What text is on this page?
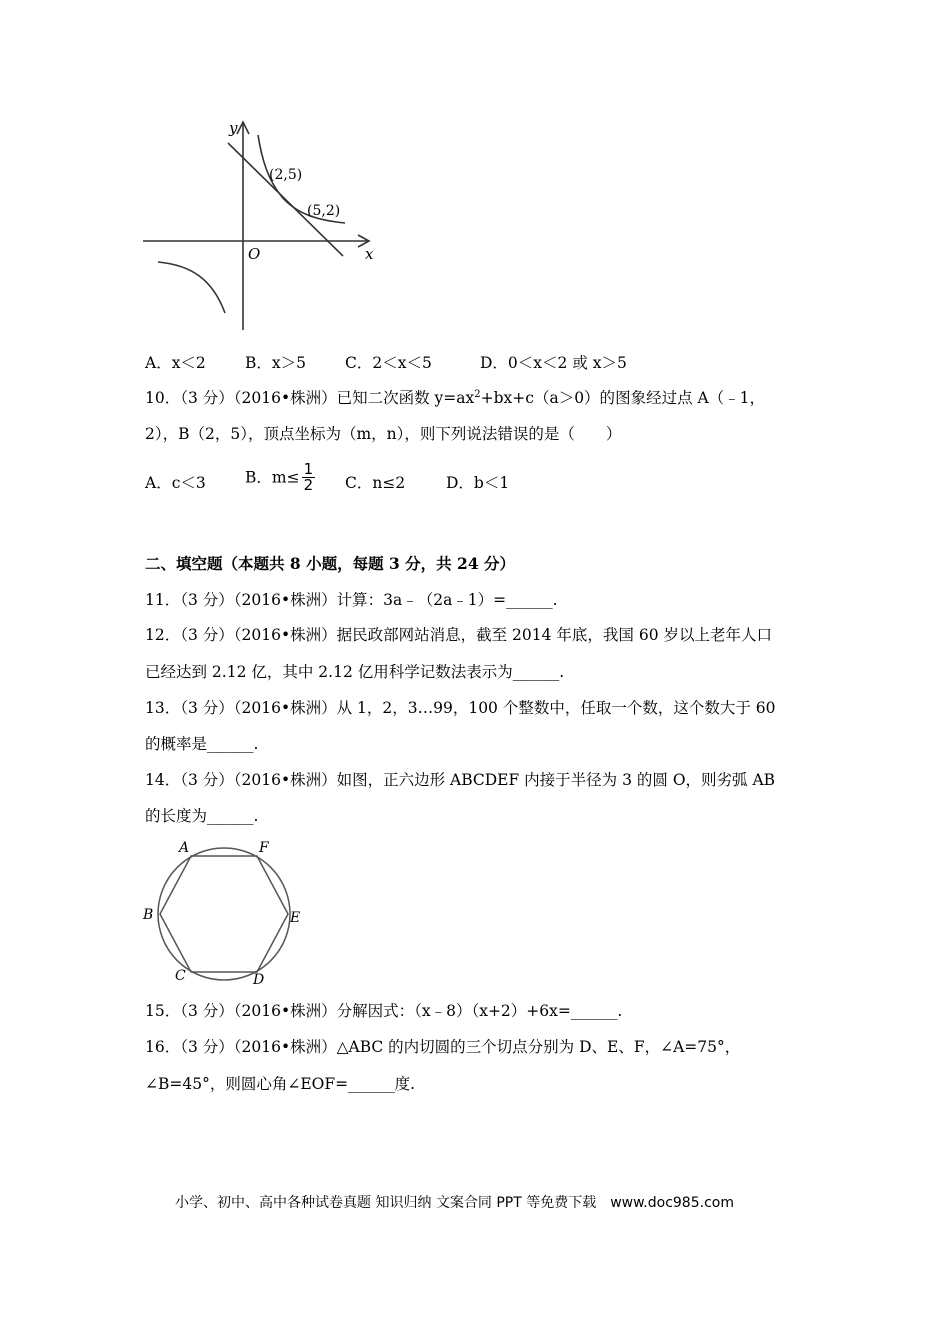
y
x
O
(2,5)
(5,2)
A．x＜2	B．x＞5	C．2＜x＜5	D．0＜x＜2 或 x＞5
10．（3 分）（2016•株洲）已知二次函数 $y=ax^2+bx+c(a>0)$的图象经过点 A（﹣1，
2），B（2，5），顶点坐标为（m，n），则下列说法错误的是（　　）
A．c＜3	B．$m\le \frac{1}{2}$ C．n≤2	D．b＜1
二、填空题（本题共 8 小题，每题 3 分，共 24 分）
11．（3 分）（2016•株洲）计算：3a﹣（2a﹣1）=______.
12．（3 分）（2016•株洲）据民政部网站消息，截至 2014 年底，我国 60 岁以上老年人口
已经达到 2.12 亿，其中 2.12 亿用科学记数法表示为______.
13．（3 分）（2016•株洲）从 1，2，3…99，100 个整数中，任取一个数，这个数大于 60
的概率是______.
14．（3 分）（2016•株洲）如图，正六边形 ABCDEF 内接于半径为 3 的圆 O，则劣弧 AB
的长度为______.
A	F
B	E
C	D
15．（3 分）（2016•株洲）分解因式：（x﹣8）（x+2）+6x=______.
16．（3 分）（2016•株洲）△ABC 的内切圆的三个切点分别为 D、E、F，∠A=75°，
∠B=45°，则圆心角∠EOF=______度.
小学、初中、高中各种试卷真题 知识归纳 文案合同 PPT 等免费下载　www.doc985.com
